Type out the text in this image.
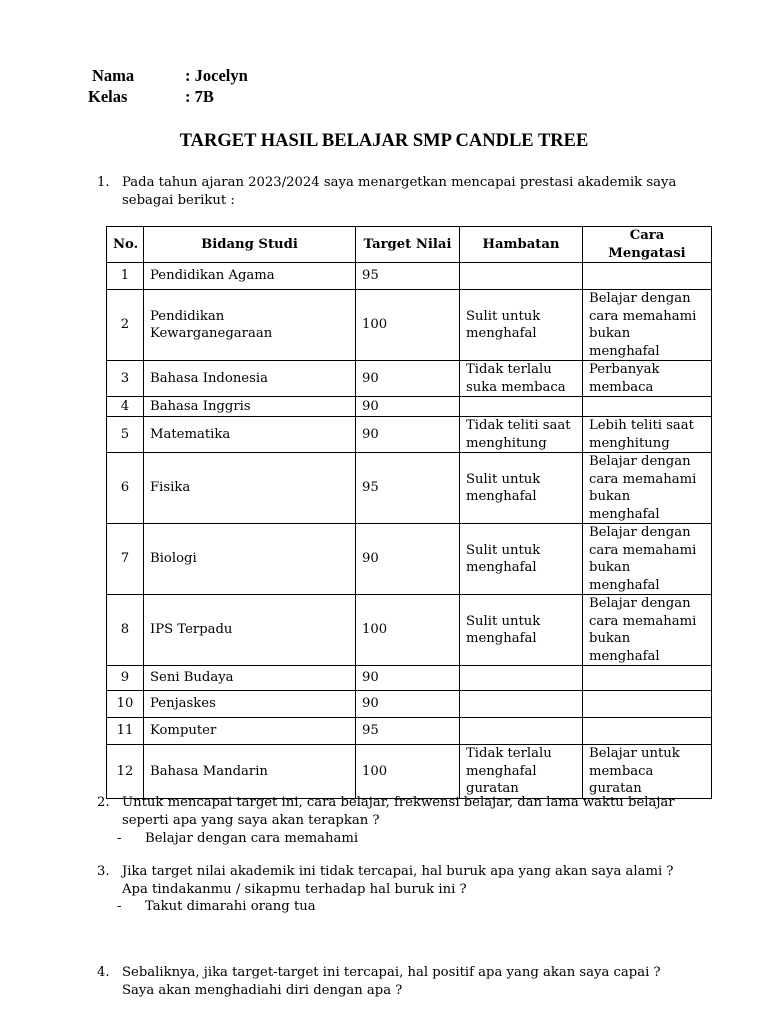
Nama	: Jocelyn
Kelas	: 7B
TARGET HASIL BELAJAR SMP CANDLE TREE
1. Pada tahun ajaran 2023/2024 saya menargetkan mencapai prestasi akademik saya sebagai berikut :
No.	Bidang Studi	Target Nilai	Hambatan	Cara Mengatasi
1	Pendidikan Agama	95		
2	Pendidikan Kewarganegaraan	100	Sulit untuk menghafal	Belajar dengan cara memahami bukan menghafal
3	Bahasa Indonesia	90	Tidak terlalu suka membaca	Perbanyak membaca
4	Bahasa Inggris	90		
5	Matematika	90	Tidak teliti saat menghitung	Lebih teliti saat menghitung
6	Fisika	95	Sulit untuk menghafal	Belajar dengan cara memahami bukan menghafal
7	Biologi	90	Sulit untuk menghafal	Belajar dengan cara memahami bukan menghafal
8	IPS Terpadu	100	Sulit untuk menghafal	Belajar dengan cara memahami bukan menghafal
9	Seni Budaya	90		
10	Penjaskes	90		
11	Komputer	95		
12	Bahasa Mandarin	100	Tidak terlalu menghafal guratan	Belajar untuk membaca guratan
2. Untuk mencapai target ini, cara belajar, frekwensi belajar, dan lama waktu belajar seperti apa yang saya akan terapkan ?
- Belajar dengan cara memahami
3. Jika target nilai akademik ini tidak tercapai, hal buruk apa yang akan saya alami ? Apa tindakanmu / sikapmu terhadap hal buruk ini ?
- Takut dimarahi orang tua
4. Sebaliknya, jika target-target ini tercapai, hal positif apa yang akan saya capai ? Saya akan menghadiahi diri dengan apa ?
